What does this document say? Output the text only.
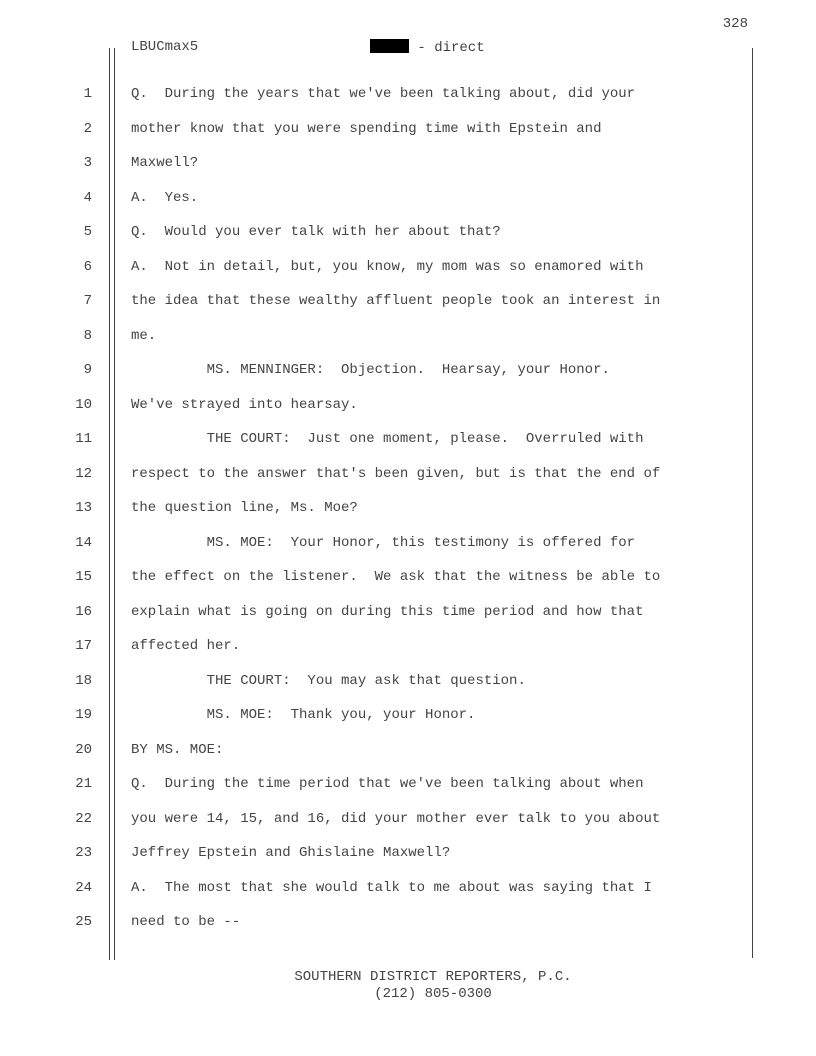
328
LBUCmax5	- direct
1	Q.  During the years that we've been talking about, did your
2	mother know that you were spending time with Epstein and
3	Maxwell?
4	A.  Yes.
5	Q.  Would you ever talk with her about that?
6	A.  Not in detail, but, you know, my mom was so enamored with
7	the idea that these wealthy affluent people took an interest in
8	me.
9	MS. MENNINGER:  Objection.  Hearsay, your Honor.
10	We've strayed into hearsay.
11	THE COURT:  Just one moment, please.  Overruled with
12	respect to the answer that's been given, but is that the end of
13	the question line, Ms. Moe?
14	MS. MOE:  Your Honor, this testimony is offered for
15	the effect on the listener.  We ask that the witness be able to
16	explain what is going on during this time period and how that
17	affected her.
18	THE COURT:  You may ask that question.
19	MS. MOE:  Thank you, your Honor.
20	BY MS. MOE:
21	Q.  During the time period that we've been talking about when
22	you were 14, 15, and 16, did your mother ever talk to you about
23	Jeffrey Epstein and Ghislaine Maxwell?
24	A.  The most that she would talk to me about was saying that I
25	need to be --
SOUTHERN DISTRICT REPORTERS, P.C.
(212) 805-0300
